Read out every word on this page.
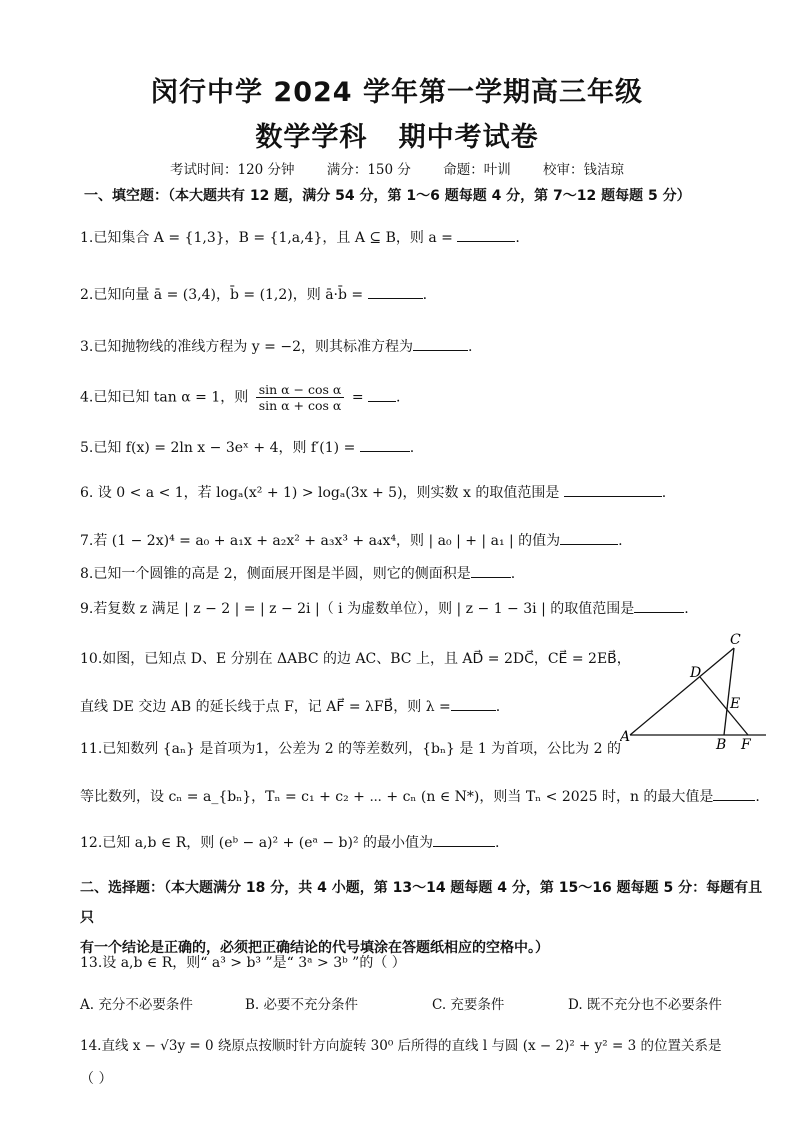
闵行中学 2024 学年第一学期高三年级
数学学科   期中考试卷
考试时间：120 分钟 满分：150 分 命题：叶训 校审：钱洁琼
一、填空题：（本大题共有 12 题，满分 54 分，第 1～6 题每题 4 分，第 7～12 题每题 5 分）
1.已知集合 A = {1,3}，B = {1,a,4}，且 A ⊆ B，则 a =	.
2.已知向量 ā = (3,4)，b̄ = (1,2)，则 ā·b̄ =	.
3.已知抛物线的准线方程为 y = −2，则其标准方程为	.
4.已知已知 tan α = 1，则 $\frac{\text{sin α − cos α}}{\text{sin α + cos α}}$ = .
5.已知 f(x) = 2ln x − 3eˣ + 4，则 f′(1) =	.
6. 设 0 < a < 1，若 logₐ(x² + 1) > logₐ(3x + 5)，则实数 x 的取值范围是	.
7.若 (1 − 2x)⁴ = a₀ + a₁x + a₂x² + a₃x³ + a₄x⁴，则 | a₀ | + | a₁ | 的值为	.
8.已知一个圆锥的高是 2，侧面展开图是半圆，则它的侧面积是	.
9.若复数 z 满足 | z − 2 | = | z − 2i |（ i 为虚数单位），则 | z − 1 − 3i | 的取值范围是	.
10.如图，已知点 D、E 分别在 ΔABC 的边 AC、BC 上，且 AD⃗ = 2DC⃗，CE⃗ = 2EB⃗，
直线 DE 交边 AB 的延长线于点 F，记 AF⃗ = λFB⃗，则 λ =	.
C
D
E
A	B F
11.已知数列 {aₙ} 是首项为1，公差为 2 的等差数列，{bₙ} 是 1 为首项，公比为 2 的
等比数列，设 cₙ = a_{bₙ}，Tₙ = c₁ + c₂ + ⋯ + cₙ (n ∈ N*)，则当 Tₙ < 2025 时，n 的最大值是	.
12.已知 a,b ∈ R，则 (eᵇ − a)² + (eᵃ − b)² 的最小值为	.
二、选择题：（本大题满分 18 分，共 4 小题，第 13～14 题每题 4 分，第 15～16 题每题 5 分：每题有且只
有一个结论是正确的，必须把正确结论的代号填涂在答题纸相应的空格中。）
13.设 a,b ∈ R，则“ a³ > b³ ”是“ 3ᵃ > 3ᵇ ”的（ ）
A. 充分不必要条件	B. 必要不充分条件	C. 充要条件	D. 既不充分也不必要条件
14.直线 x − √3y = 0 绕原点按顺时针方向旋转 30⁰ 后所得的直线 l 与圆 (x − 2)² + y² = 3 的位置关系是
（ ）
